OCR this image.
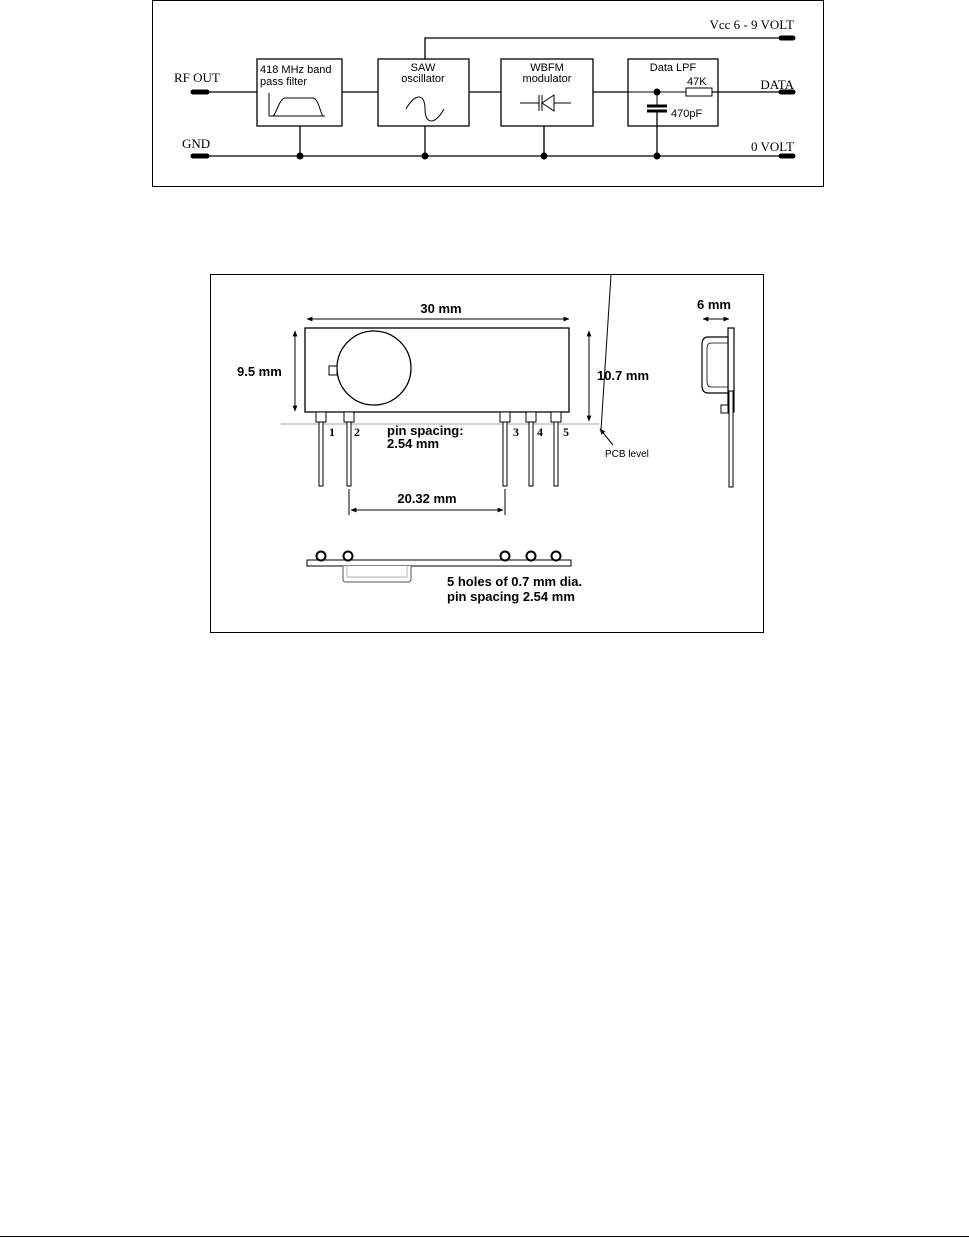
418 MHz band
pass filter
SAW
oscillator
WBFM
modulator
Data LPF
47K
470pF
RF OUT
GND
Vcc 6 - 9 VOLT
DATA
0 VOLT
30 mm
9.5 mm	10.7 mm
1 2	3 4 5
pin spacing:
2.54 mm
PCB level
20.32 mm
6 mm
5 holes of 0.7 mm dia.
pin spacing 2.54 mm
